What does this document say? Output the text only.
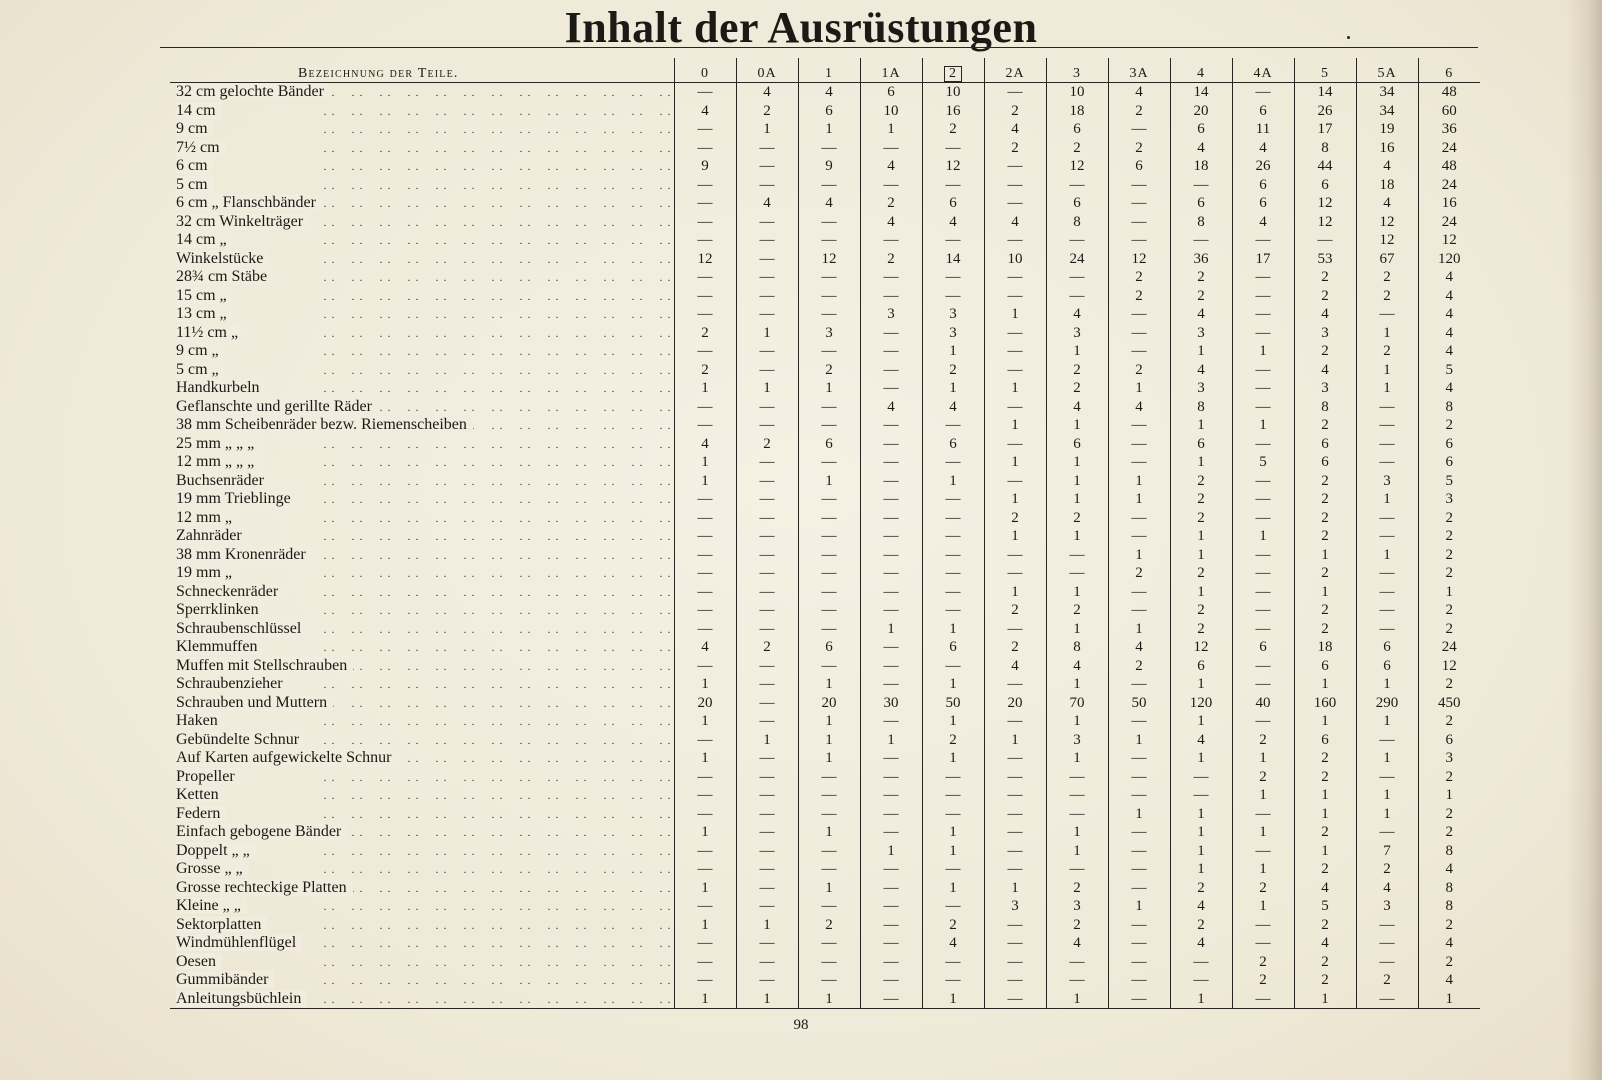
Inhalt der Ausrüstungen
Bezeichnung der Teile.	0	0A	1	1A	2	2A	3	3A	4	4A	5	5A	6
32 cm gelochte Bänder . .	—	4	4	6	10	—	10	4	14	—	14	34	48
14 cm . .	4	2	6	10	16	2	18	2	20	6	26	34	60
9 cm . .	—	1	1	1	2	4	6	—	6	11	17	19	36
7½ cm . .	—	—	—	—	—	2	2	2	4	4	8	16	24
6 cm . .	9	—	9	4	12	—	12	6	18	26	44	4	48
5 cm . .	—	—	—	—	—	—	—	—	—	6	6	18	24
6 cm „ Flanschbänder . .	—	4	4	2	6	—	6	—	6	6	12	4	16
32 cm Winkelträger . .	—	—	—	4	4	4	8	—	8	4	12	12	24
14 cm „ . .	—	—	—	—	—	—	—	—	—	—	—	12	12
Winkelstücke . .	12	—	12	2	14	10	24	12	36	17	53	67	120
28¾ cm Stäbe . .	—	—	—	—	—	—	—	2	2	—	2	2	4
15 cm „ . .	—	—	—	—	—	—	—	2	2	—	2	2	4
13 cm „ . .	—	—	—	3	3	1	4	—	4	—	4	—	4
11½ cm „ . .	2	1	3	—	3	—	3	—	3	—	3	1	4
9 cm „ . .	—	—	—	—	1	—	1	—	1	1	2	2	4
5 cm „ . .	2	—	2	—	2	—	2	2	4	—	4	1	5
Handkurbeln . .	1	1	1	—	1	1	2	1	3	—	3	1	4
Geflanschte und gerillte Räder . .	—	—	—	4	4	—	4	4	8	—	8	—	8
38 mm Scheibenräder bezw. Riemenscheiben . .	—	—	—	—	—	1	1	—	1	1	2	—	2
25 mm „ „ „ . .	4	2	6	—	6	—	6	—	6	—	6	—	6
12 mm „ „ „ . .	1	—	—	—	—	1	1	—	1	5	6	—	6
Buchsenräder . .	1	—	1	—	1	—	1	1	2	—	2	3	5
19 mm Trieblinge . .	—	—	—	—	—	1	1	1	2	—	2	1	3
12 mm „ . .	—	—	—	—	—	2	2	—	2	—	2	—	2
Zahnräder . .	—	—	—	—	—	1	1	—	1	1	2	—	2
38 mm Kronenräder . .	—	—	—	—	—	—	—	1	1	—	1	1	2
19 mm „ . .	—	—	—	—	—	—	—	2	2	—	2	—	2
Schneckenräder . .	—	—	—	—	—	1	1	—	1	—	1	—	1
Sperrklinken . .	—	—	—	—	—	2	2	—	2	—	2	—	2
Schraubenschlüssel . .	—	—	—	1	1	—	1	1	2	—	2	—	2
Klemmuffen . .	4	2	6	—	6	2	8	4	12	6	18	6	24
Muffen mit Stellschrauben . .	—	—	—	—	—	4	4	2	6	—	6	6	12
Schraubenzieher . .	1	—	1	—	1	—	1	—	1	—	1	1	2
Schrauben und Muttern . .	20	—	20	30	50	20	70	50	120	40	160	290	450
Haken . .	1	—	1	—	1	—	1	—	1	—	1	1	2
Gebündelte Schnur . .	—	1	1	1	2	1	3	1	4	2	6	—	6
Auf Karten aufgewickelte Schnur . .	1	—	1	—	1	—	1	—	1	1	2	1	3
Propeller . .	—	—	—	—	—	—	—	—	—	2	2	—	2
Ketten . .	—	—	—	—	—	—	—	—	—	1	1	1	1
Federn . .	—	—	—	—	—	—	—	1	1	—	1	1	2
Einfach gebogene Bänder . .	1	—	1	—	1	—	1	—	1	1	2	—	2
Doppelt „ „ . .	—	—	—	1	1	—	1	—	1	—	1	7	8
Grosse „ „ . .	—	—	—	—	—	—	—	—	1	1	2	2	4
Grosse rechteckige Platten . .	1	—	1	—	1	1	2	—	2	2	4	4	8
Kleine „ „ . .	—	—	—	—	—	3	3	1	4	1	5	3	8
Sektorplatten . .	1	1	2	—	2	—	2	—	2	—	2	—	2
Windmühlenflügel . .	—	—	—	—	4	—	4	—	4	—	4	—	4
Oesen . .	—	—	—	—	—	—	—	—	—	2	2	—	2
Gummibänder . .	—	—	—	—	—	—	—	—	—	2	2	2	4
Anleitungsbüchlein . .	1	1	1	—	1	—	1	—	1	—	1	—	1
98
